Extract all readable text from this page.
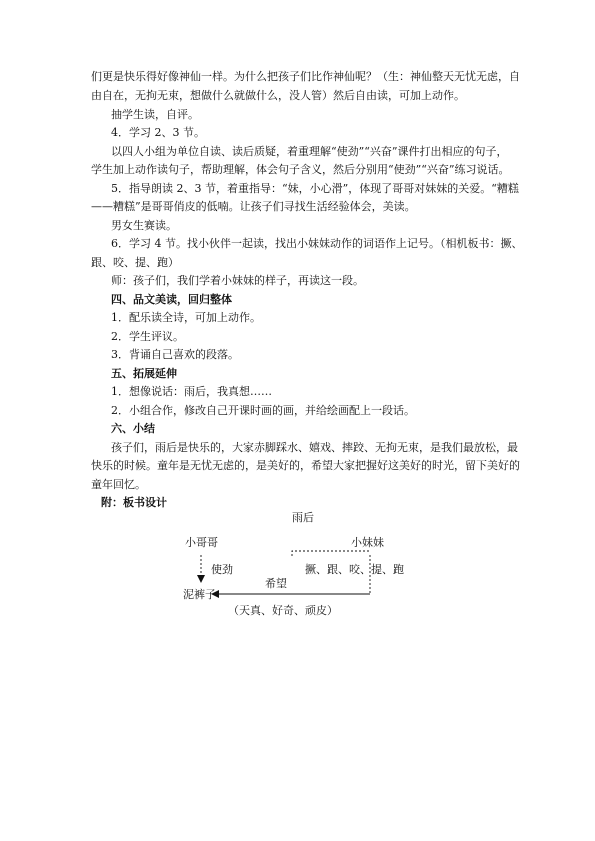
们更是快乐得好像神仙一样。为什么把孩子们比作神仙呢？（生：神仙整天无忧无虑，自
由自在，无拘无束，想做什么就做什么，没人管）然后自由读，可加上动作。
抽学生读，自评。
4．学习 2、3 节。
以四人小组为单位自读、读后质疑，着重理解“使劲”“兴奋”课件打出相应的句子，
学生加上动作读句子，帮助理解，体会句子含义，然后分别用“使劲”“兴奋”练习说话。
5．指导朗读 2、3 节，着重指导：“妹，小心滑”，体现了哥哥对妹妹的关爱。“糟糕
——糟糕”是哥哥俏皮的低喃。让孩子们寻找生活经验体会，美读。
男女生赛读。
6．学习 4 节。找小伙伴一起读，找出小妹妹动作的词语作上记号。（相机板书：撅、
跟、咬、提、跑）
师：孩子们，我们学着小妹妹的样子，再读这一段。
四、品文美读，回归整体
1．配乐读全诗，可加上动作。
2．学生评议。
3．背诵自己喜欢的段落。
五、拓展延伸
1．想像说话：雨后，我真想……
2．小组合作，修改自己开课时画的画，并给绘画配上一段话。
六、小结
孩子们，雨后是快乐的，大家赤脚踩水、嬉戏、摔跤、无拘无束，是我们最放松，最
快乐的时候。童年是无忧无虑的，是美好的，希望大家把握好这美好的时光，留下美好的
童年回忆。
附：板书设计
雨后
小哥哥	小妹妹
使劲	撅、跟、咬、提、跑
希望
泥裤子
（天真、好奇、顽皮）
